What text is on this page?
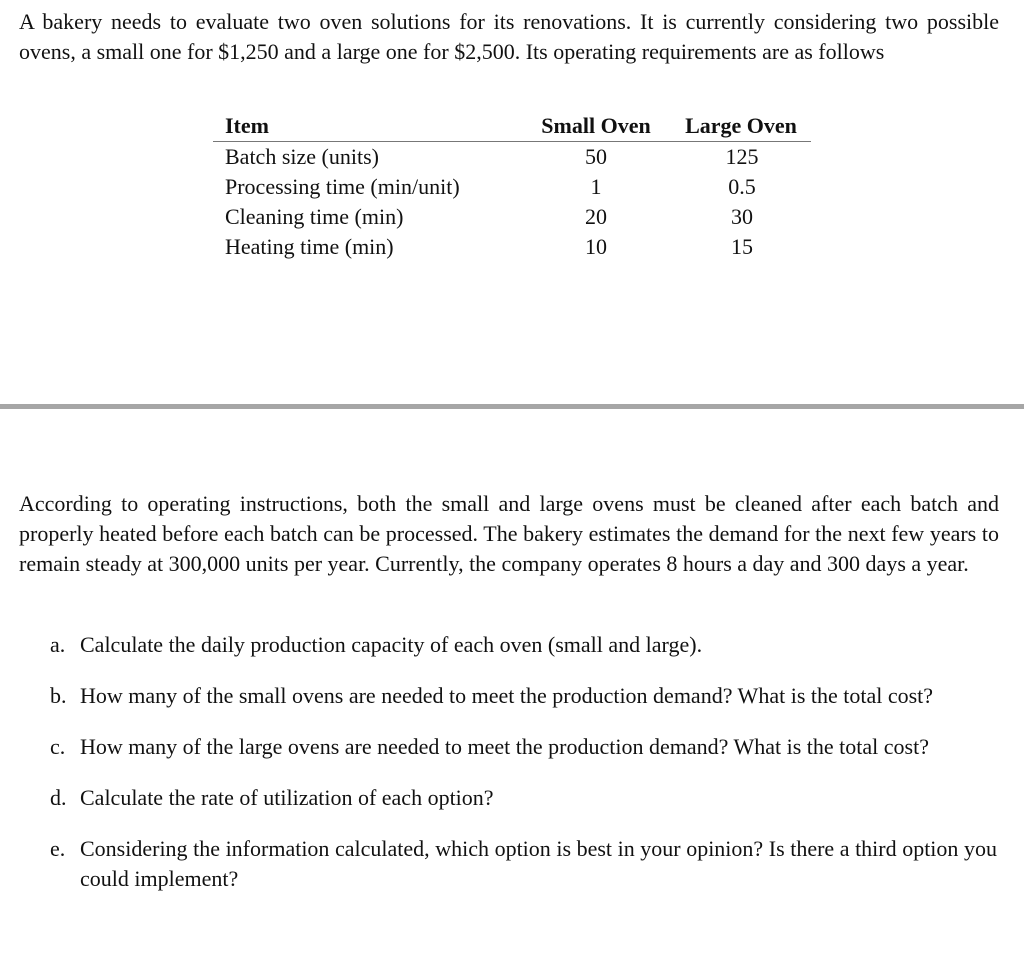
A bakery needs to evaluate two oven solutions for its renovations. It is currently considering two possible ovens, a small one for $1,250 and a large one for $2,500. Its operating requirements are as follows

Item	Small Oven	Large Oven
Batch size (units)	50	125
Processing time (min/unit)	1	0.5
Cleaning time (min)	20	30
Heating time (min)	10	15

According to operating instructions, both the small and large ovens must be cleaned after each batch and properly heated before each batch can be processed. The bakery estimates the demand for the next few years to remain steady at 300,000 units per year. Currently, the company operates 8 hours a day and 300 days a year.

a. Calculate the daily production capacity of each oven (small and large).
b. How many of the small ovens are needed to meet the production demand? What is the total cost?
c. How many of the large ovens are needed to meet the production demand? What is the total cost?
d. Calculate the rate of utilization of each option?
e. Considering the information calculated, which option is best in your opinion? Is there a third option you could implement?
